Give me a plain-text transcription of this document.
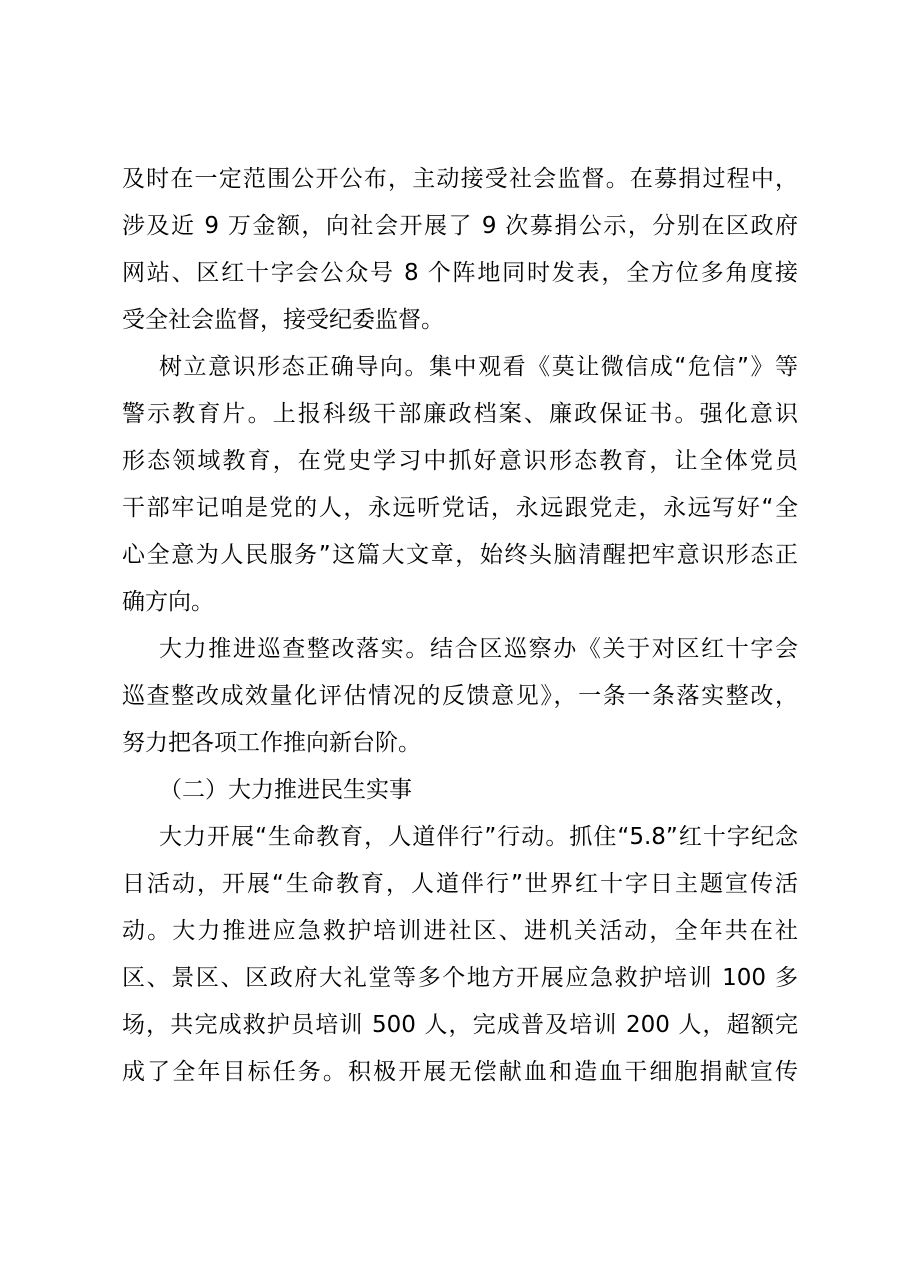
及时在一定范围公开公布，主动接受社会监督。在募捐过程中，
涉及近 9 万金额，向社会开展了 9 次募捐公示，分别在区政府
网站、区红十字会公众号 8 个阵地同时发表，全方位多角度接
受全社会监督，接受纪委监督。
树立意识形态正确导向。集中观看《莫让微信成“危信”》等
警示教育片。上报科级干部廉政档案、廉政保证书。强化意识
形态领域教育，在党史学习中抓好意识形态教育，让全体党员
干部牢记咱是党的人，永远听党话，永远跟党走，永远写好“全
心全意为人民服务”这篇大文章，始终头脑清醒把牢意识形态正
确方向。
大力推进巡查整改落实。结合区巡察办《关于对区红十字会
巡查整改成效量化评估情况的反馈意见》，一条一条落实整改，
努力把各项工作推向新台阶。
（二）大力推进民生实事
大力开展“生命教育，人道伴行”行动。抓住“5.8”红十字纪念
日活动，开展“生命教育，人道伴行”世界红十字日主题宣传活
动。大力推进应急救护培训进社区、进机关活动，全年共在社
区、景区、区政府大礼堂等多个地方开展应急救护培训 100 多
场，共完成救护员培训 500 人，完成普及培训 200 人，超额完
成了全年目标任务。积极开展无偿献血和造血干细胞捐献宣传
